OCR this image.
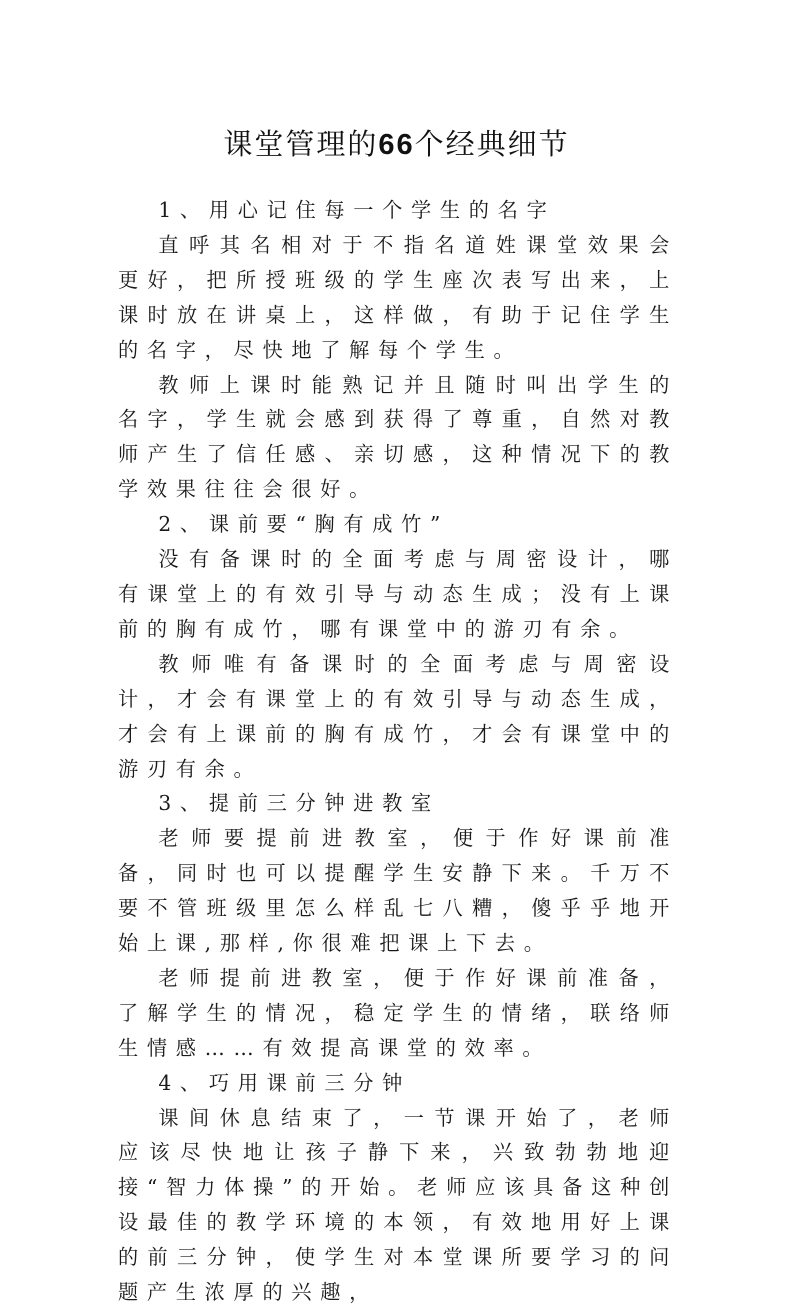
课堂管理的66个经典细节

1、用心记住每一个学生的名字

直呼其名相对于不指名道姓课堂效果会更好，把所授班级的学生座次表写出来，上课时放在讲桌上，这样做，有助于记住学生的名字，尽快地了解每个学生。

教师上课时能熟记并且随时叫出学生的名字，学生就会感到获得了尊重，自然对教师产生了信任感、亲切感，这种情况下的教学效果往往会很好。

2、课前要“胸有成竹”

没有备课时的全面考虑与周密设计，哪有课堂上的有效引导与动态生成；没有上课前的胸有成竹，哪有课堂中的游刃有余。

教师唯有备课时的全面考虑与周密设计，才会有课堂上的有效引导与动态生成，才会有上课前的胸有成竹，才会有课堂中的游刃有余。

3、提前三分钟进教室

老师要提前进教室，便于作好课前准备，同时也可以提醒学生安静下来。千万不要不管班级里怎么样乱七八糟，傻乎乎地开始上课,那样,你很难把课上下去。

老师提前进教室，便于作好课前准备，了解学生的情况，稳定学生的情绪，联络师生情感……有效提高课堂的效率。

4、巧用课前三分钟

课间休息结束了，一节课开始了，老师应该尽快地让孩子静下来，兴致勃勃地迎接“智力体操”的开始。老师应该具备这种创设最佳的教学环境的本领，有效地用好上课的前三分钟，使学生对本堂课所要学习的问题产生浓厚的兴趣，
